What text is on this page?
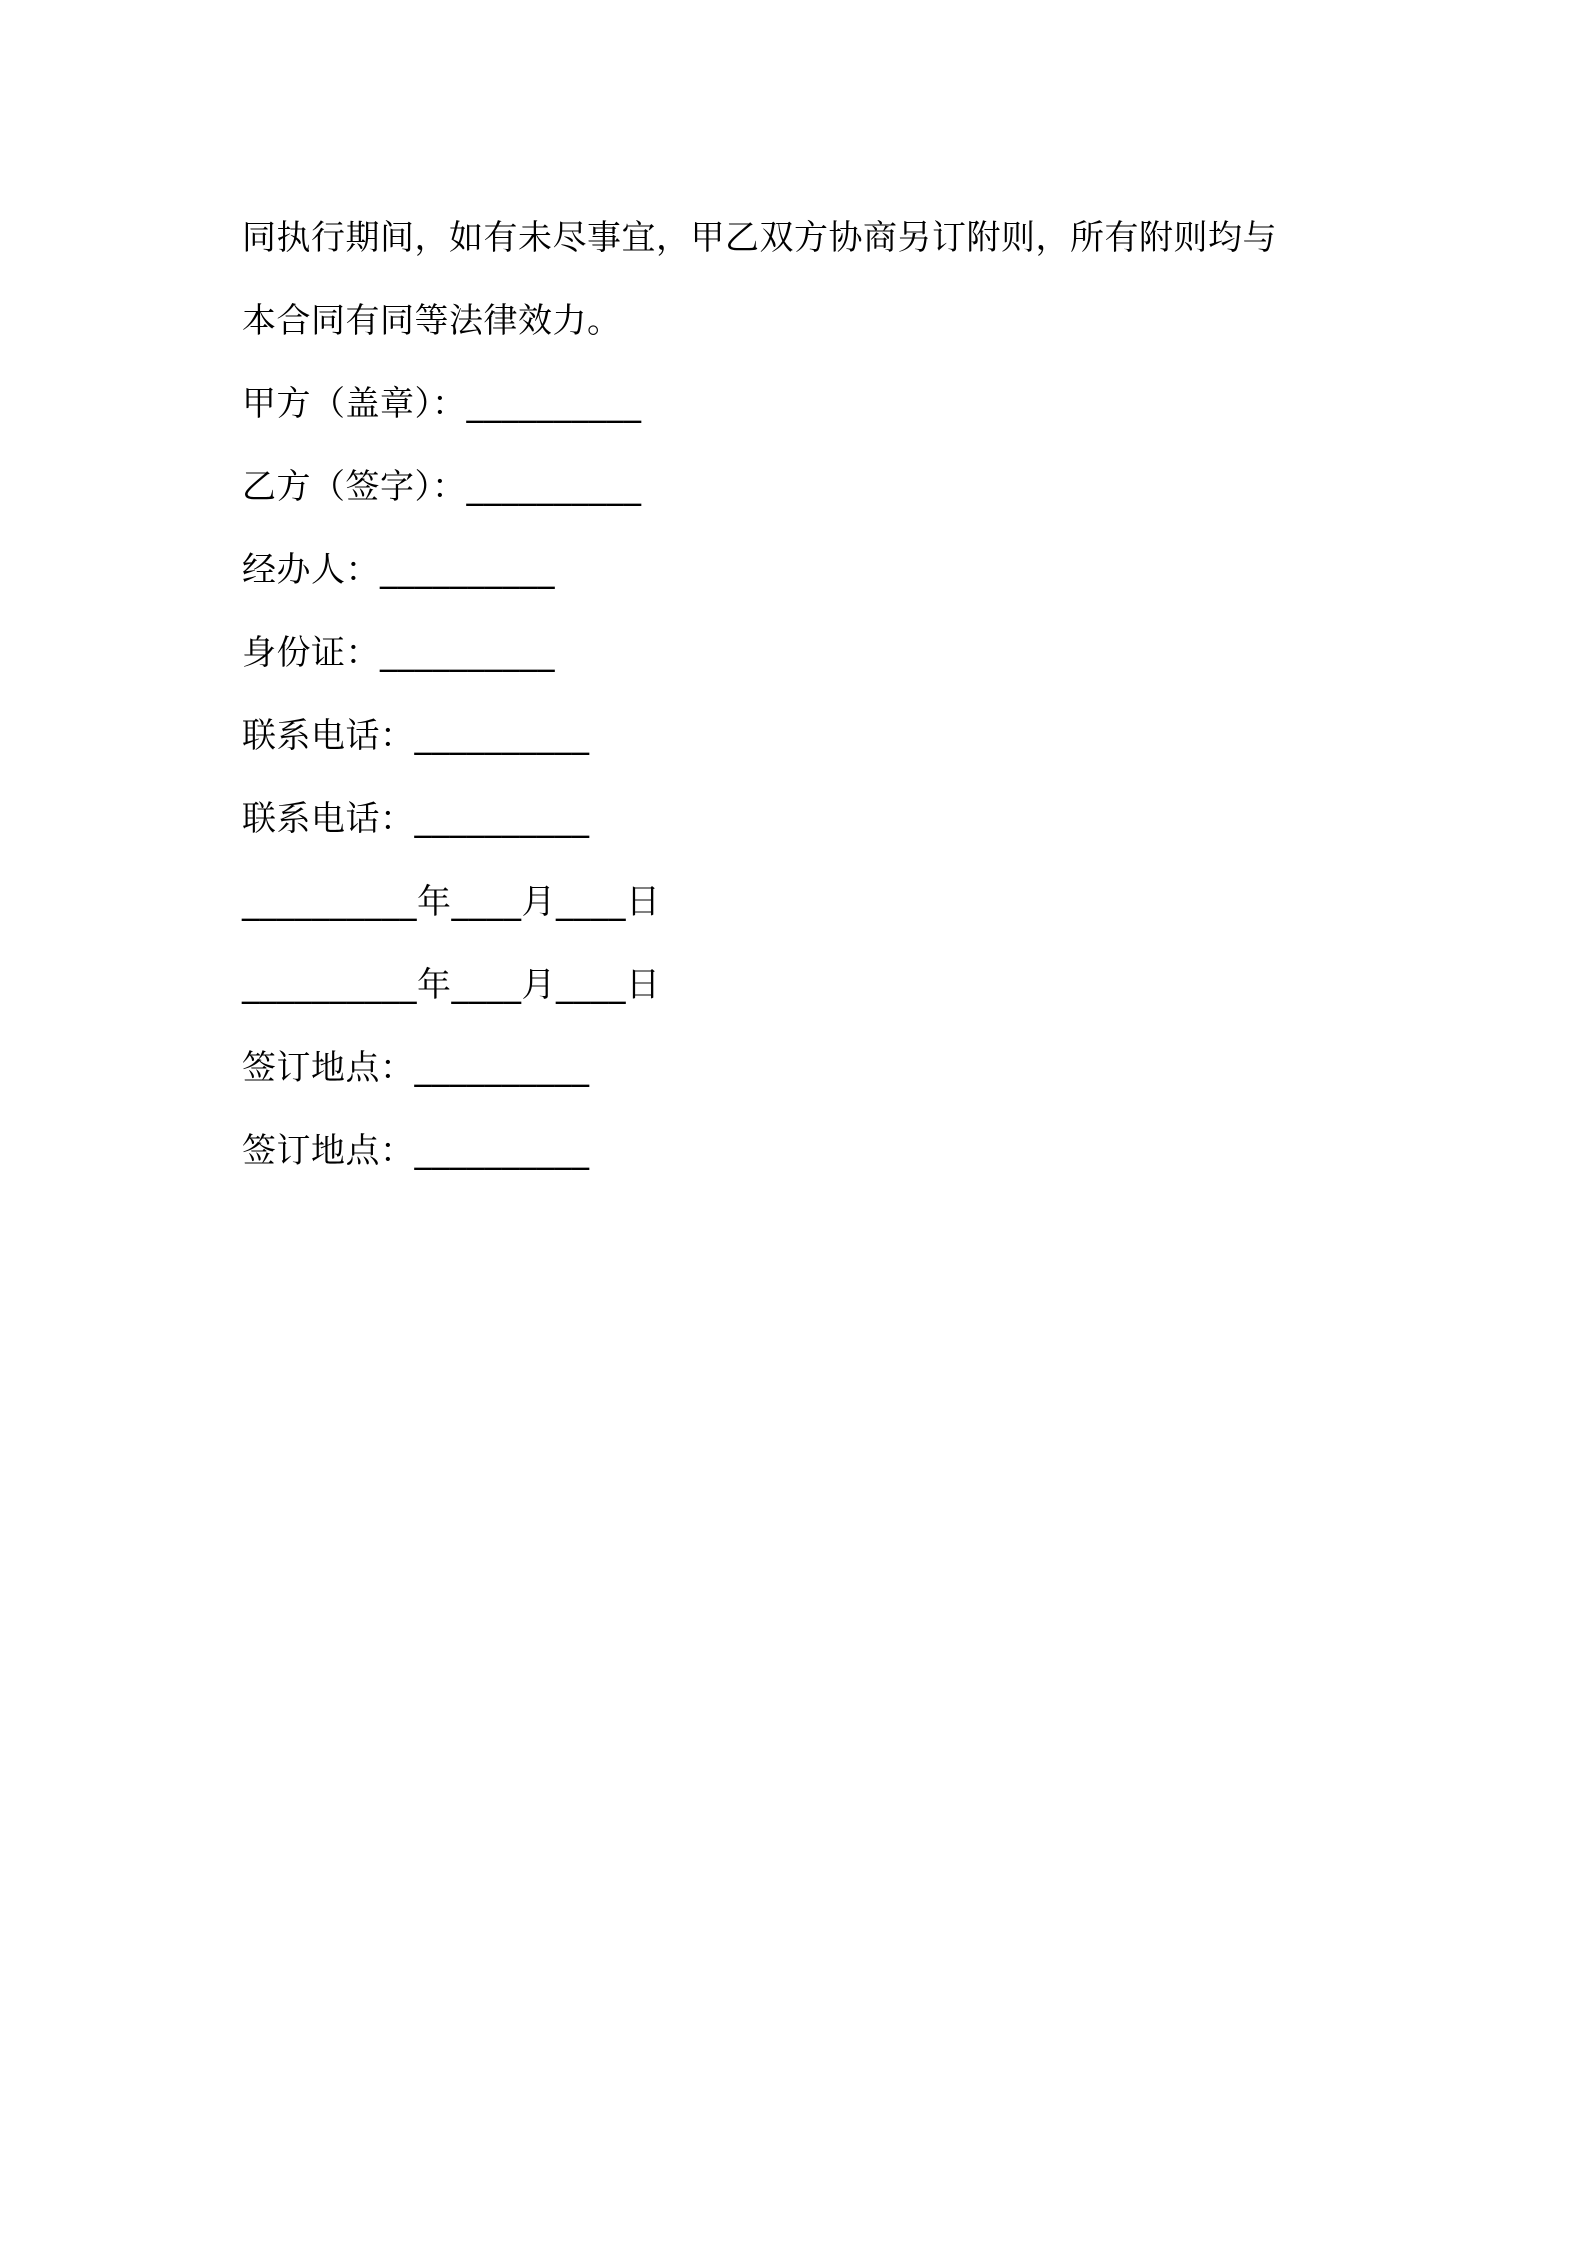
同执行期间，如有未尽事宜，甲乙双方协商另订附则，所有附则均与
本合同有同等法律效力。
甲方（盖章）：__________
乙方（签字）：__________
经办人：__________
身份证：__________
联系电话：__________
联系电话：__________
__________年____月____日
__________年____月____日
签订地点：__________
签订地点：__________
